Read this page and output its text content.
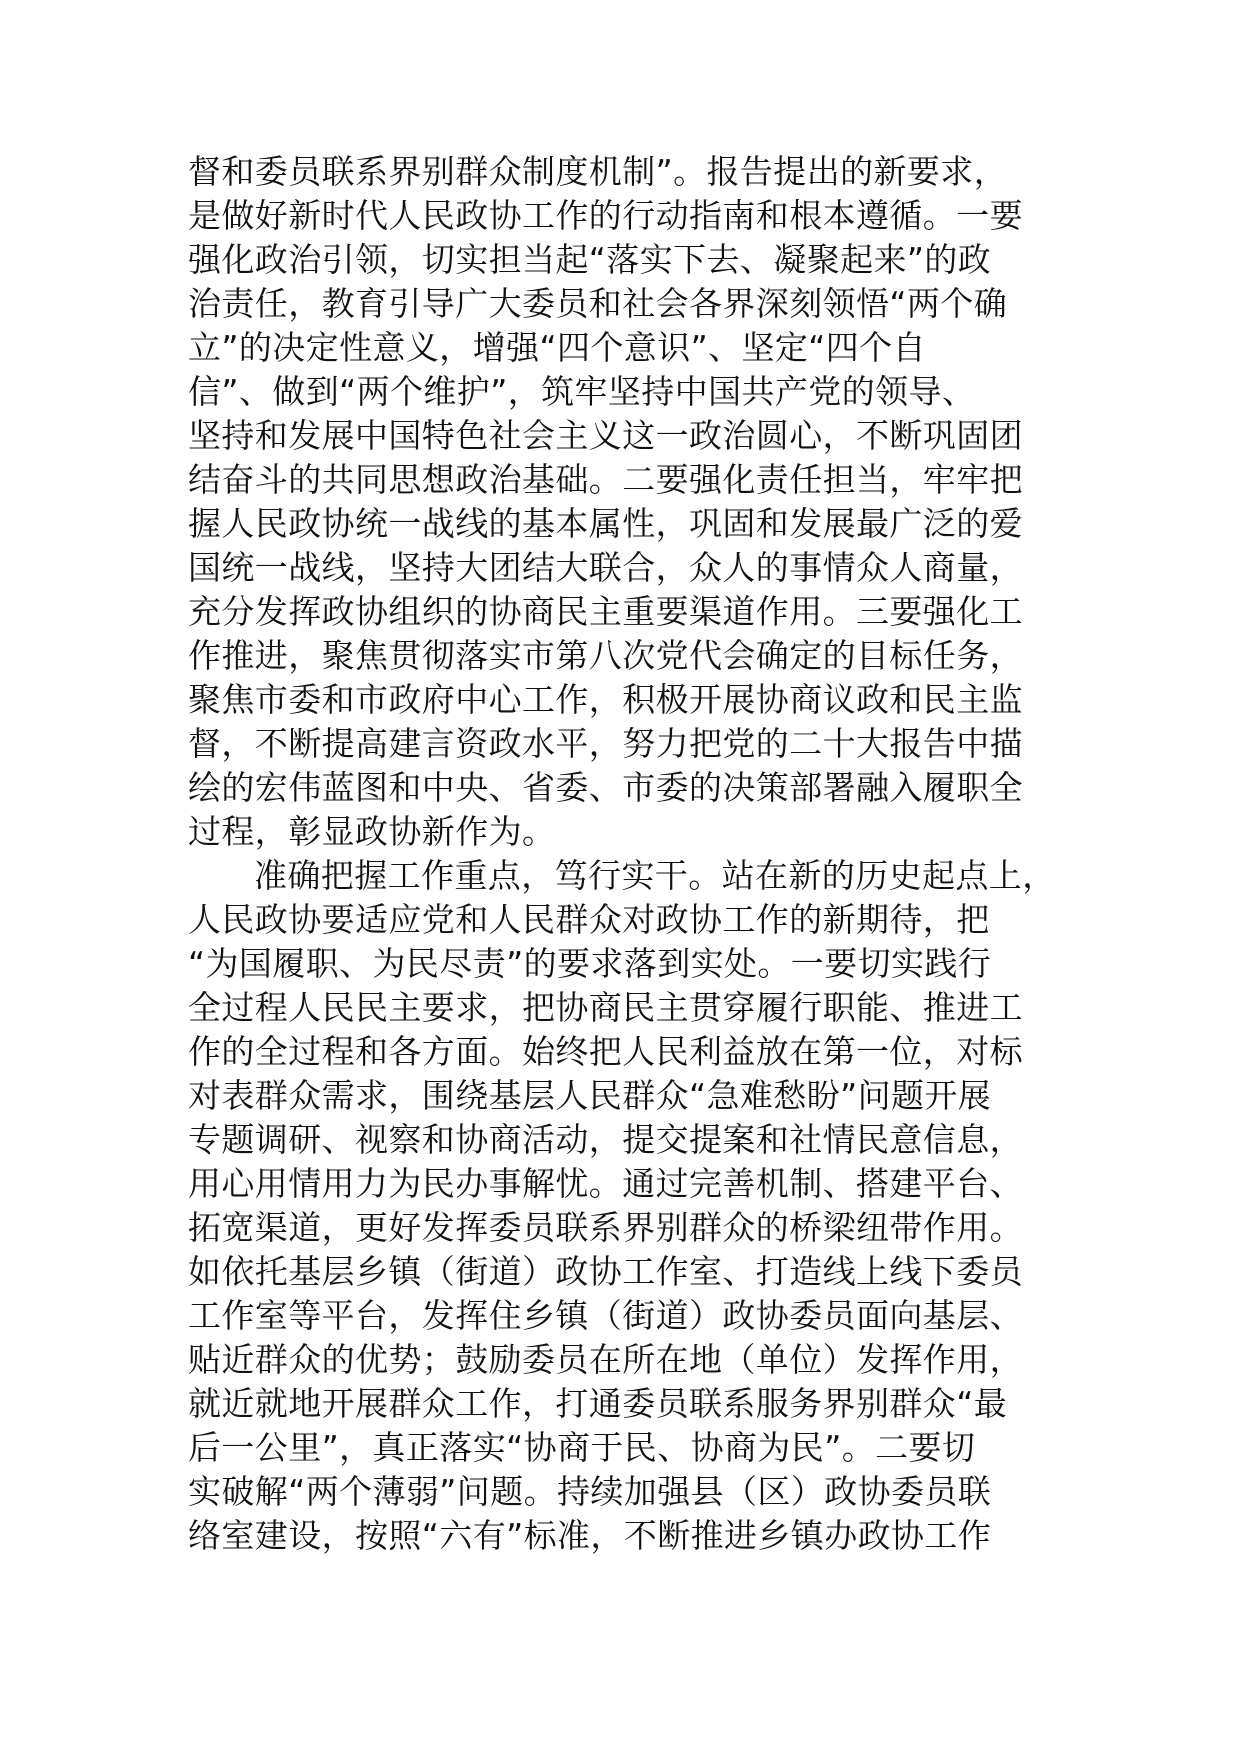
督和委员联系界别群众制度机制”。报告提出的新要求，
是做好新时代人民政协工作的行动指南和根本遵循。一要
强化政治引领，切实担当起“落实下去、凝聚起来”的政
治责任，教育引导广大委员和社会各界深刻领悟“两个确
立”的决定性意义，增强“四个意识”、坚定“四个自
信”、做到“两个维护”，筑牢坚持中国共产党的领导、
坚持和发展中国特色社会主义这一政治圆心，不断巩固团
结奋斗的共同思想政治基础。二要强化责任担当，牢牢把
握人民政协统一战线的基本属性，巩固和发展最广泛的爱
国统一战线，坚持大团结大联合，众人的事情众人商量，
充分发挥政协组织的协商民主重要渠道作用。三要强化工
作推进，聚焦贯彻落实市第八次党代会确定的目标任务，
聚焦市委和市政府中心工作，积极开展协商议政和民主监
督，不断提高建言资政水平，努力把党的二十大报告中描
绘的宏伟蓝图和中央、省委、市委的决策部署融入履职全
过程，彰显政协新作为。
准确把握工作重点，笃行实干。站在新的历史起点上，
人民政协要适应党和人民群众对政协工作的新期待，把
“为国履职、为民尽责”的要求落到实处。一要切实践行
全过程人民民主要求，把协商民主贯穿履行职能、推进工
作的全过程和各方面。始终把人民利益放在第一位，对标
对表群众需求，围绕基层人民群众“急难愁盼”问题开展
专题调研、视察和协商活动，提交提案和社情民意信息，
用心用情用力为民办事解忧。通过完善机制、搭建平台、
拓宽渠道，更好发挥委员联系界别群众的桥梁纽带作用。
如依托基层乡镇（街道）政协工作室、打造线上线下委员
工作室等平台，发挥住乡镇（街道）政协委员面向基层、
贴近群众的优势；鼓励委员在所在地（单位）发挥作用，
就近就地开展群众工作，打通委员联系服务界别群众“最
后一公里”，真正落实“协商于民、协商为民”。二要切
实破解“两个薄弱”问题。持续加强县（区）政协委员联
络室建设，按照“六有”标准，不断推进乡镇办政协工作
